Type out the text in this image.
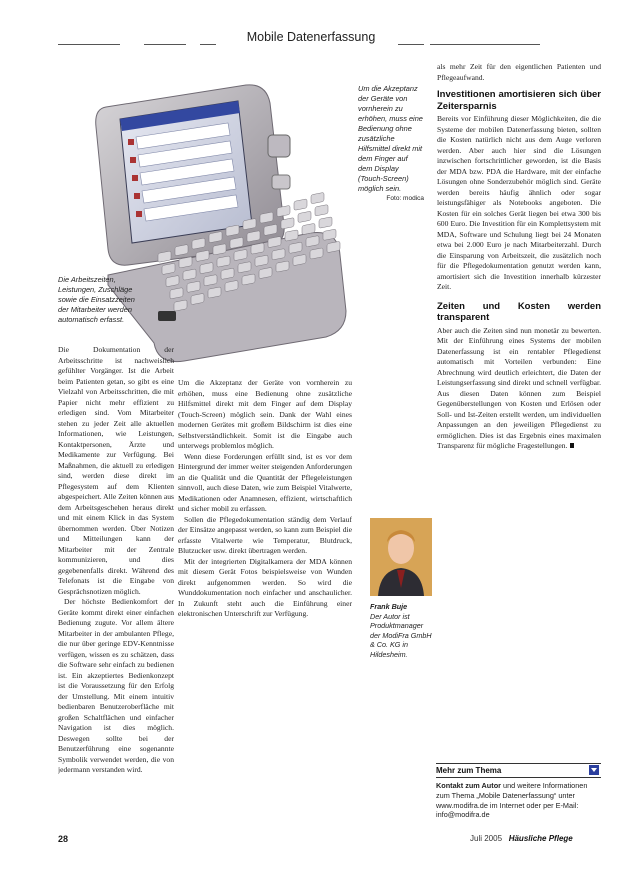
Mobile Datenerfassung
Um die Akzeptanz der Geräte von vornherein zu erhöhen, muss eine Bedienung ohne zusätzliche Hilfsmittel direkt mit dem Finger auf dem Display (Touch-Screen) möglich sein.
Foto: modica
Die Arbeitszeiten, Leistungen, Zuschläge sowie die Einsatzzeiten der Mitarbeiter werden automatisch erfasst.

Die Dokumentation der Arbeitsschritte ist nachweislich gefühlter Vorgänger. Ist die Arbeit beim Patienten getan, so gibt es eine Vielzahl von Arbeitsschritten, die mit Papier nicht mehr effizient zu erledigen sind. Vom Mitarbeiter stehen zu jeder Zeit alle aktuellen Informationen, wie Leistungen, Kontaktpersonen, Ärzte und Medikamente zur Verfügung. Bei Maßnahmen, die aktuell zu erledigen sind, werden diese direkt im Pflegesystem auf dem Klienten abgespeichert. Alle Zeiten können aus dem Arbeitsgeschehen heraus direkt und mit einem Klick in das System übernommen werden. Über Notizen und Mitteilungen kann der Mitarbeiter mit der Zentrale kommunizieren, und dies gegebenenfalls direkt. Während des Telefonats ist die Eingabe von Gesprächsnotizen möglich.

Der höchste Bedienkomfort der Geräte kommt direkt einer einfachen Bedienung zugute. Vor allem ältere Mitarbeiter in der ambulanten Pflege, die nur über geringe EDV-Kenntnisse verfügen, wissen es zu schätzen, dass die Software sehr einfach zu bedienen ist. Ein akzeptiertes Bedienkonzept ist die Voraussetzung für den Erfolg der Umstellung. Mit einem intuitiv bedienbaren Benutzeroberfläche mit großen Schaltflächen und einfacher Navigation ist dies möglich. Deswegen sollte bei der Benutzerführung eine sogenannte Symbolik verwendet werden, die von jedermann verstanden wird.

Um die Akzeptanz der Geräte von vornherein zu erhöhen, muss eine Bedienung ohne zusätzliche Hilfsmittel direkt mit dem Finger auf dem Display (Touch-Screen) möglich sein. Dank der Wahl eines modernen Gerätes mit großem Bildschirm ist dies eine Selbstverständlichkeit. Somit ist die Eingabe auch unterwegs problemlos möglich.

Wenn diese Forderungen erfüllt sind, ist es vor dem Hintergrund der immer weiter steigenden Anforderungen an die Qualität und die Quantität der Pflegeleistungen sinnvoll, auch diese Daten, wie zum Beispiel Vitalwerte, Medikationen oder Anamnesen, effizient, wirtschaftlich und sicher mobil zu erfassen.

Sollen die Pflegedokumentation ständig dem Verlauf der Einsätze angepasst werden, so kann zum Beispiel die erfasste Vitalwerte wie Temperatur, Blutdruck, Blutzucker usw. direkt übertragen werden.

Mit der integrierten Digitalkamera der MDA können mit diesem Gerät Fotos beispielsweise von Wunden direkt aufgenommen werden. So wird die Wunddokumentation noch einfacher und anschaulicher. In Zukunft steht auch die Einführung einer elektronischen Unterschrift zur Verfügung.

Frank Buje
Der Autor ist Produktmanager der ModiFra GmbH & Co. KG in Hildesheim.

als mehr Zeit für den eigentlichen Patienten und Pflegeaufwand.

Investitionen amortisieren sich über Zeitersparnis

Bereits vor Einführung dieser Möglichkeiten, die die Systeme der mobilen Datenerfassung bieten, sollten die Kosten natürlich nicht aus dem Auge verloren werden. Aber auch hier sind die Lösungen inzwischen fortschrittlicher geworden, ist die Basis der MDA bzw. PDA die Hardware, mit der einfache Lösungen ohne Sonderzubehör möglich sind. Geräte werden bereits häufig ähnlich oder sogar leistungsfähiger als Notebooks angeboten. Die Kosten für ein solches Gerät liegen bei etwa 300 bis 600 Euro. Die Investition für ein Komplettsystem mit MDA, Software und Schulung liegt bei 24 Monaten etwa bei 2.000 Euro je nach Mitarbeiterzahl. Durch die Einsparung von Arbeitszeit, die zusätzlich noch für die Pflegedokumentation genutzt werden kann, amortisiert sich die Investition innerhalb kürzester Zeit.

Zeiten und Kosten werden transparent

Aber auch die Zeiten sind nun monetär zu bewerten. Mit der Einführung eines Systems der mobilen Datenerfassung ist ein rentabler Pflegedienst automatisch mit Vorteilen verbunden: Eine Abrechnung wird deutlich erleichtert, die Daten der Leistungserfassung sind direkt und schnell verfügbar. Aus diesen Daten können zum Beispiel Gegenüberstellungen von Kosten und Erlösen oder Soll- und Ist-Zeiten erstellt werden, um individuellen Anpassungen an den jeweiligen Pflegedienst zu ermöglichen. Dies ist das Ergebnis eines maximalen Transparenz für mögliche Fragestellungen.

Mehr zum Thema
Kontakt zum Autor und weitere Informationen zum Thema „Mobile Datenerfassung“ unter www.modifra.de im Internet oder per E-Mail: info@modifra.de
28	Juli 2005 Häusliche Pflege
